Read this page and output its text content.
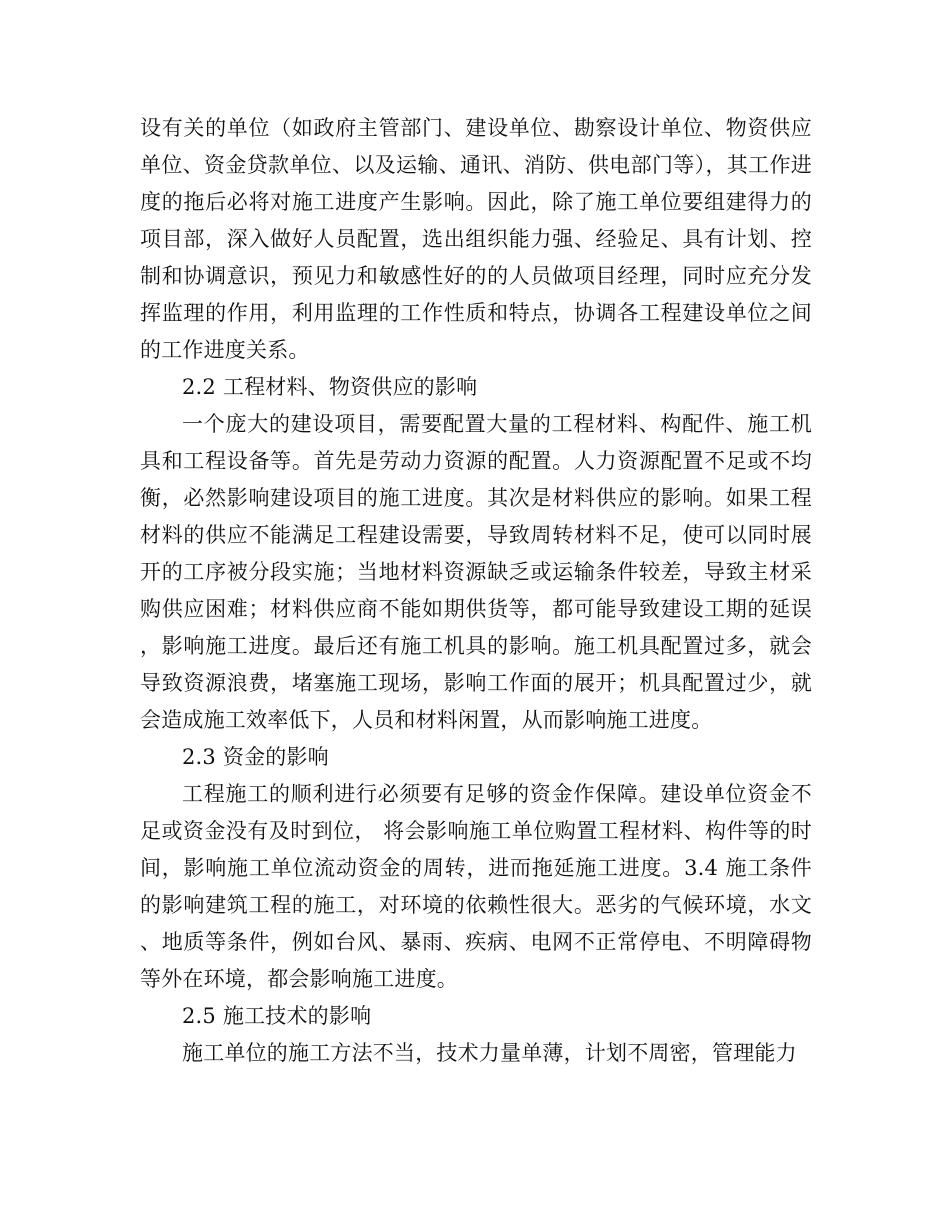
设有关的单位（如政府主管部门、建设单位、勘察设计单位、物资供应单位、资金贷款单位、以及运输、通讯、消防、供电部门等），其工作进度的拖后必将对施工进度产生影响。因此，除了施工单位要组建得力的项目部，深入做好人员配置，选出组织能力强、经验足、具有计划、控制和协调意识，预见力和敏感性好的的人员做项目经理，同时应充分发挥监理的作用，利用监理的工作性质和特点，协调各工程建设单位之间的工作进度关系。

2.2 工程材料、物资供应的影响

一个庞大的建设项目，需要配置大量的工程材料、构配件、施工机具和工程设备等。首先是劳动力资源的配置。人力资源配置不足或不均衡，必然影响建设项目的施工进度。其次是材料供应的影响。如果工程材料的供应不能满足工程建设需要，导致周转材料不足，使可以同时展开的工序被分段实施；当地材料资源缺乏或运输条件较差，导致主材采购供应困难；材料供应商不能如期供货等，都可能导致建设工期的延误，影响施工进度。最后还有施工机具的影响。施工机具配置过多，就会导致资源浪费，堵塞施工现场，影响工作面的展开；机具配置过少，就会造成施工效率低下，人员和材料闲置，从而影响施工进度。

2.3 资金的影响

工程施工的顺利进行必须要有足够的资金作保障。建设单位资金不足或资金没有及时到位， 将会影响施工单位购置工程材料、构件等的时间，影响施工单位流动资金的周转，进而拖延施工进度。3.4 施工条件的影响建筑工程的施工，对环境的依赖性很大。恶劣的气候环境，水文、地质等条件，例如台风、暴雨、疾病、电网不正常停电、不明障碍物等外在环境，都会影响施工进度。

2.5 施工技术的影响

施工单位的施工方法不当，技术力量单薄，计划不周密，管理能力
